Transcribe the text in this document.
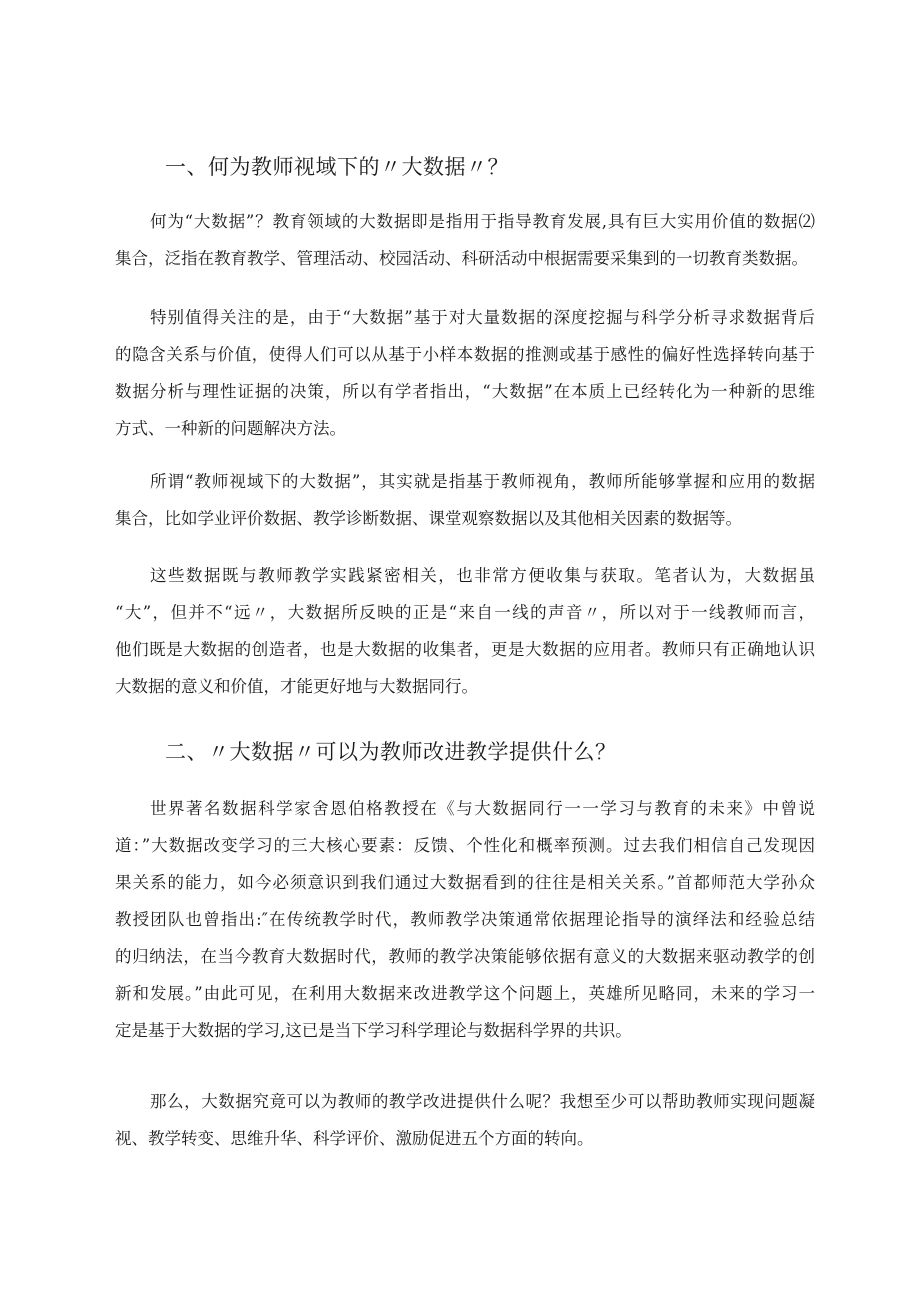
一、何为教师视域下的〃大数据〃？
何为“大数据”？教育领域的大数据即是指用于指导教育发展,具有巨大实用价值的数据⑵
集合，泛指在教育教学、管理活动、校园活动、科研活动中根据需要采集到的一切教育类数据。
特别值得关注的是，由于“大数据”基于对大量数据的深度挖掘与科学分析寻求数据背后
的隐含关系与价值，使得人们可以从基于小样本数据的推测或基于感性的偏好性选择转向基于
数据分析与理性证据的决策，所以有学者指出，“大数据”在本质上已经转化为一种新的思维
方式、一种新的问题解决方法。
所谓“教师视域下的大数据”，其实就是指基于教师视角，教师所能够掌握和应用的数据
集合，比如学业评价数据、教学诊断数据、课堂观察数据以及其他相关因素的数据等。
这些数据既与教师教学实践紧密相关，也非常方便收集与获取。笔者认为，大数据虽
“大”，但并不“远〃，大数据所反映的正是“来自一线的声音〃，所以对于一线教师而言，
他们既是大数据的创造者，也是大数据的收集者，更是大数据的应用者。教师只有正确地认识
大数据的意义和价值，才能更好地与大数据同行。
二、〃大数据〃可以为教师改进教学提供什么？
世界著名数据科学家舍恩伯格教授在《与大数据同行一一学习与教育的未来》中曾说
道：”大数据改变学习的三大核心要素：反馈、个性化和概率预测。过去我们相信自己发现因
果关系的能力，如今必须意识到我们通过大数据看到的往往是相关关系。”首都师范大学孙众
教授团队也曾指出:″在传统教学时代，教师教学决策通常依据理论指导的演绎法和经验总结
的归纳法，在当今教育大数据时代，教师的教学决策能够依据有意义的大数据来驱动教学的创
新和发展。”由此可见，在利用大数据来改进教学这个问题上，英雄所见略同，未来的学习一
定是基于大数据的学习,这已是当下学习科学理论与数据科学界的共识。
那么，大数据究竟可以为教师的教学改进提供什么呢？我想至少可以帮助教师实现问题凝
视、教学转变、思维升华、科学评价、激励促进五个方面的转向。
